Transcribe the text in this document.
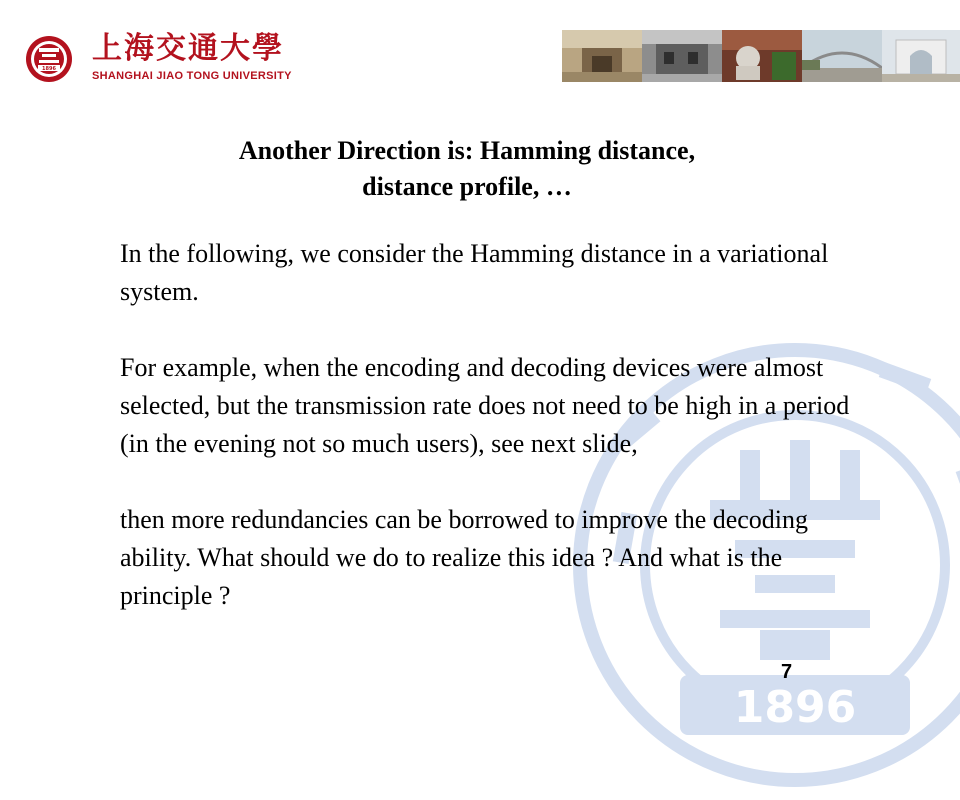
1896
1896
上海交通大學
SHANGHAI JIAO TONG UNIVERSITY
Another Direction is: Hamming distance,
distance profile, …

In the following, we consider the Hamming distance in a variational system.

For example, when the encoding and decoding devices were almost selected, but the transmission rate does not need to be high in a period (in the evening not so much users), see next slide,

then more redundancies can be borrowed to improve the decoding ability. What should we do to realize this idea ? And what is the principle ?

7
